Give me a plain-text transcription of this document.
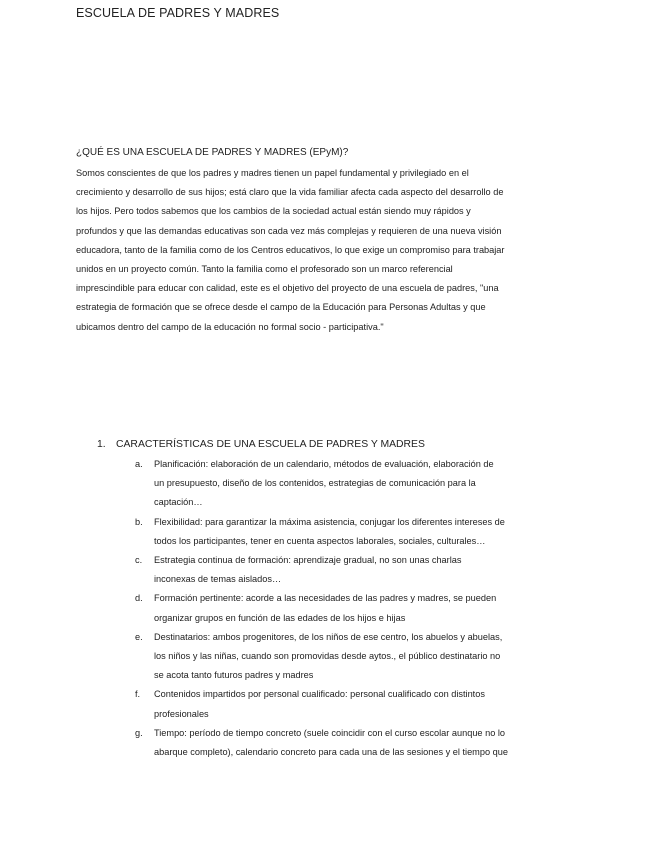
ESCUELA DE PADRES Y MADRES
¿QUÉ ES UNA ESCUELA DE PADRES Y MADRES (EPyM)?

Somos conscientes de que los padres y madres tienen un papel fundamental y privilegiado en el
crecimiento y desarrollo de sus hijos; está claro que la vida familiar afecta cada aspecto del desarrollo de
los hijos. Pero todos sabemos que los cambios de la sociedad actual están siendo muy rápidos y
profundos y que las demandas educativas son cada vez más complejas y requieren de una nueva visión
educadora, tanto de la familia como de los Centros educativos, lo que exige un compromiso para trabajar
unidos en un proyecto común. Tanto la familia como el profesorado son un marco referencial
imprescindible para educar con calidad, este es el objetivo del proyecto de una escuela de padres, "una
estrategia de formación que se ofrece desde el campo de la Educación para Personas Adultas y que
ubicamos dentro del campo de la educación no formal socio - participativa."

1. CARACTERÍSTICAS DE UNA ESCUELA DE PADRES Y MADRES
a.	Planificación: elaboración de un calendario, métodos de evaluación, elaboración de
un presupuesto, diseño de los contenidos, estrategias de comunicación para la
captación…
b.	Flexibilidad: para garantizar la máxima asistencia, conjugar los diferentes intereses de
todos los participantes, tener en cuenta aspectos laborales, sociales, culturales…
c.	Estrategia continua de formación: aprendizaje gradual, no son unas charlas
inconexas de temas aislados…
d.	Formación pertinente: acorde a las necesidades de las padres y madres, se pueden
organizar grupos en función de las edades de los hijos e hijas
e.	Destinatarios: ambos progenitores, de los niños de ese centro, los abuelos y abuelas,
los niños y las niñas, cuando son promovidas desde aytos., el público destinatario no
se acota tanto futuros padres y madres
f.	Contenidos impartidos por personal cualificado: personal cualificado con distintos
profesionales
g.	Tiempo: período de tiempo concreto (suele coincidir con el curso escolar aunque no lo
abarque completo), calendario concreto para cada una de las sesiones y el tiempo que
